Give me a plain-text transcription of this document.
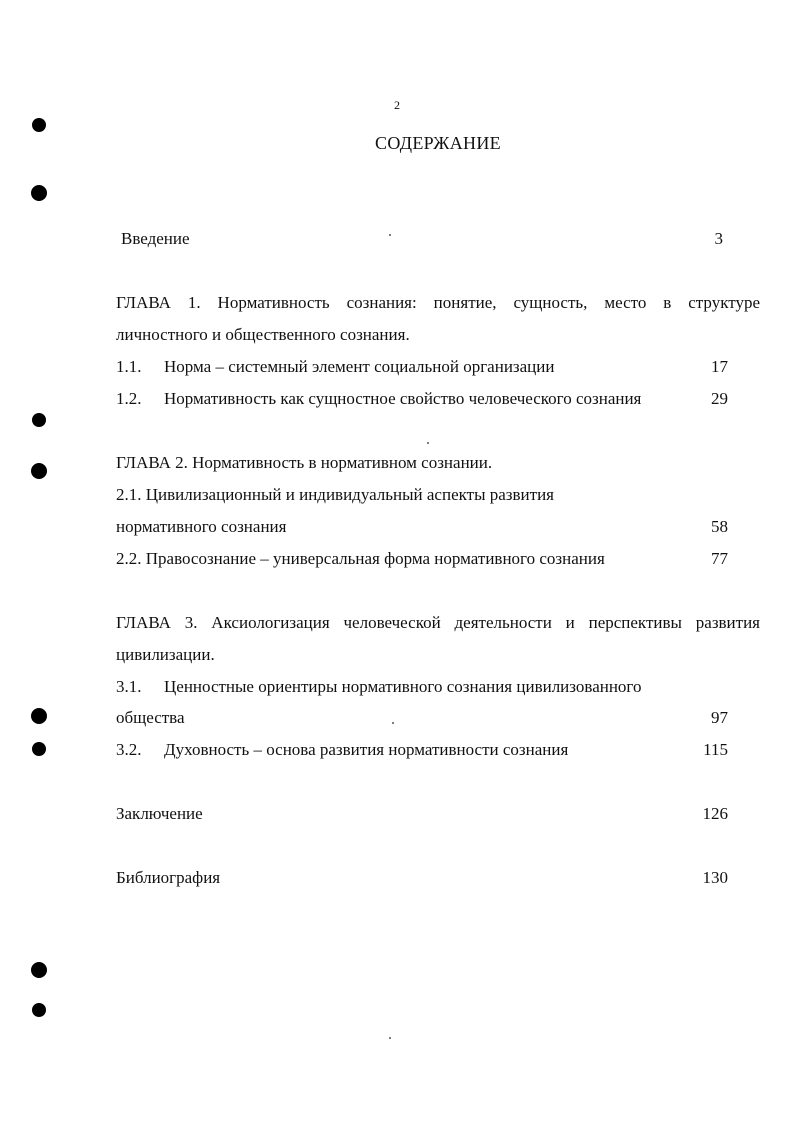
2
СОДЕРЖАНИЕ
Введение	3
ГЛАВА 1. Нормативность сознания: понятие, сущность, место в структуре
личностного и общественного сознания.
1.1. Норма – системный элемент социальной организации	17
1.2. Нормативность как сущностное свойство человеческого сознания	29
ГЛАВА 2. Нормативность в нормативном сознании.
2.1. Цивилизационный и индивидуальный аспекты развития
нормативного сознания	58
2.2. Правосознание – универсальная форма нормативного сознания	77
ГЛАВА 3. Аксиологизация человеческой деятельности и перспективы развития
цивилизации.
3.1. Ценностные ориентиры нормативного сознания цивилизованного
общества	97
3.2. Духовность – основа развития нормативности сознания	115
Заключение	126
Библиография	130
